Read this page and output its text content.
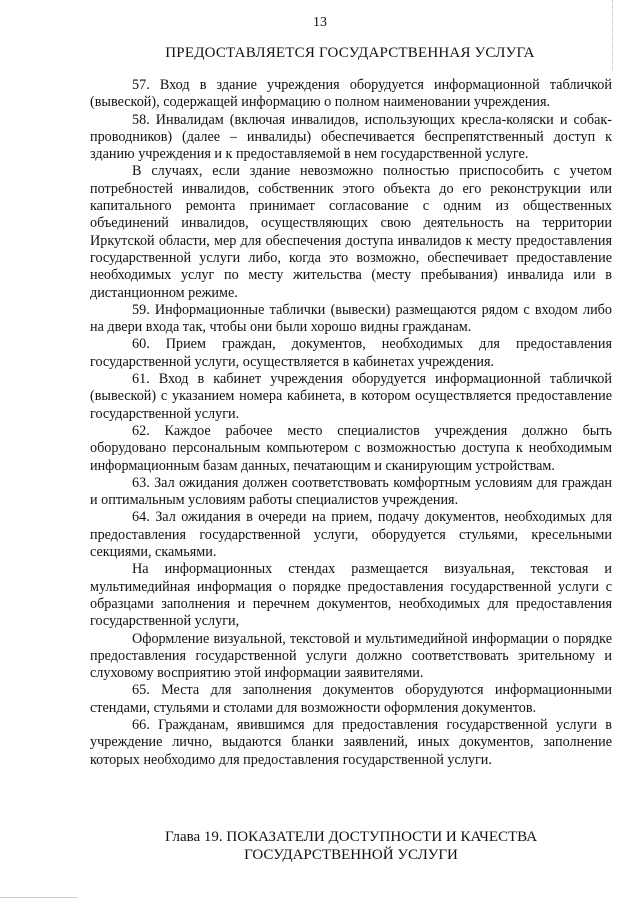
13
ПРЕДОСТАВЛЯЕТСЯ ГОСУДАРСТВЕННАЯ УСЛУГА

57. Вход в здание учреждения оборудуется информационной табличкой (вывеской), содержащей информацию о полном наименовании учреждения.

58. Инвалидам (включая инвалидов, использующих кресла-коляски и собак-проводников) (далее – инвалиды) обеспечивается беспрепятственный доступ к зданию учреждения и к предоставляемой в нем государственной услуге.

В случаях, если здание невозможно полностью приспособить с учетом потребностей инвалидов, собственник этого объекта до его реконструкции или капитального ремонта принимает согласование с одним из общественных объединений инвалидов, осуществляющих свою деятельность на территории Иркутской области, мер для обеспечения доступа инвалидов к месту предоставления государственной услуги либо, когда это возможно, обеспечивает предоставление необходимых услуг по месту жительства (месту пребывания) инвалида или в дистанционном режиме.

59. Информационные таблички (вывески) размещаются рядом с входом либо на двери входа так, чтобы они были хорошо видны гражданам.

60. Прием граждан, документов, необходимых для предоставления государственной услуги, осуществляется в кабинетах учреждения.

61. Вход в кабинет учреждения оборудуется информационной табличкой (вывеской) с указанием номера кабинета, в котором осуществляется предоставление государственной услуги.

62. Каждое рабочее место специалистов учреждения должно быть оборудовано персональным компьютером с возможностью доступа к необходимым информационным базам данных, печатающим и сканирующим устройствам.

63. Зал ожидания должен соответствовать комфортным условиям для граждан и оптимальным условиям работы специалистов учреждения.

64. Зал ожидания в очереди на прием, подачу документов, необходимых для предоставления государственной услуги, оборудуется стульями, кресельными секциями, скамьями.

На информационных стендах размещается визуальная, текстовая и мультимедийная информация о порядке предоставления государственной услуги с образцами заполнения и перечнем документов, необходимых для предоставления государственной услуги,

Оформление визуальной, текстовой и мультимедийной информации о порядке предоставления государственной услуги должно соответствовать зрительному и слуховому восприятию этой информации заявителями.

65. Места для заполнения документов оборудуются информационными стендами, стульями и столами для возможности оформления документов.

66. Гражданам, явившимся для предоставления государственной услуги в учреждение лично, выдаются бланки заявлений, иных документов, заполнение которых необходимо для предоставления государственной услуги.

Глава 19. ПОКАЗАТЕЛИ ДОСТУПНОСТИ И КАЧЕСТВА
ГОСУДАРСТВЕННОЙ УСЛУГИ
